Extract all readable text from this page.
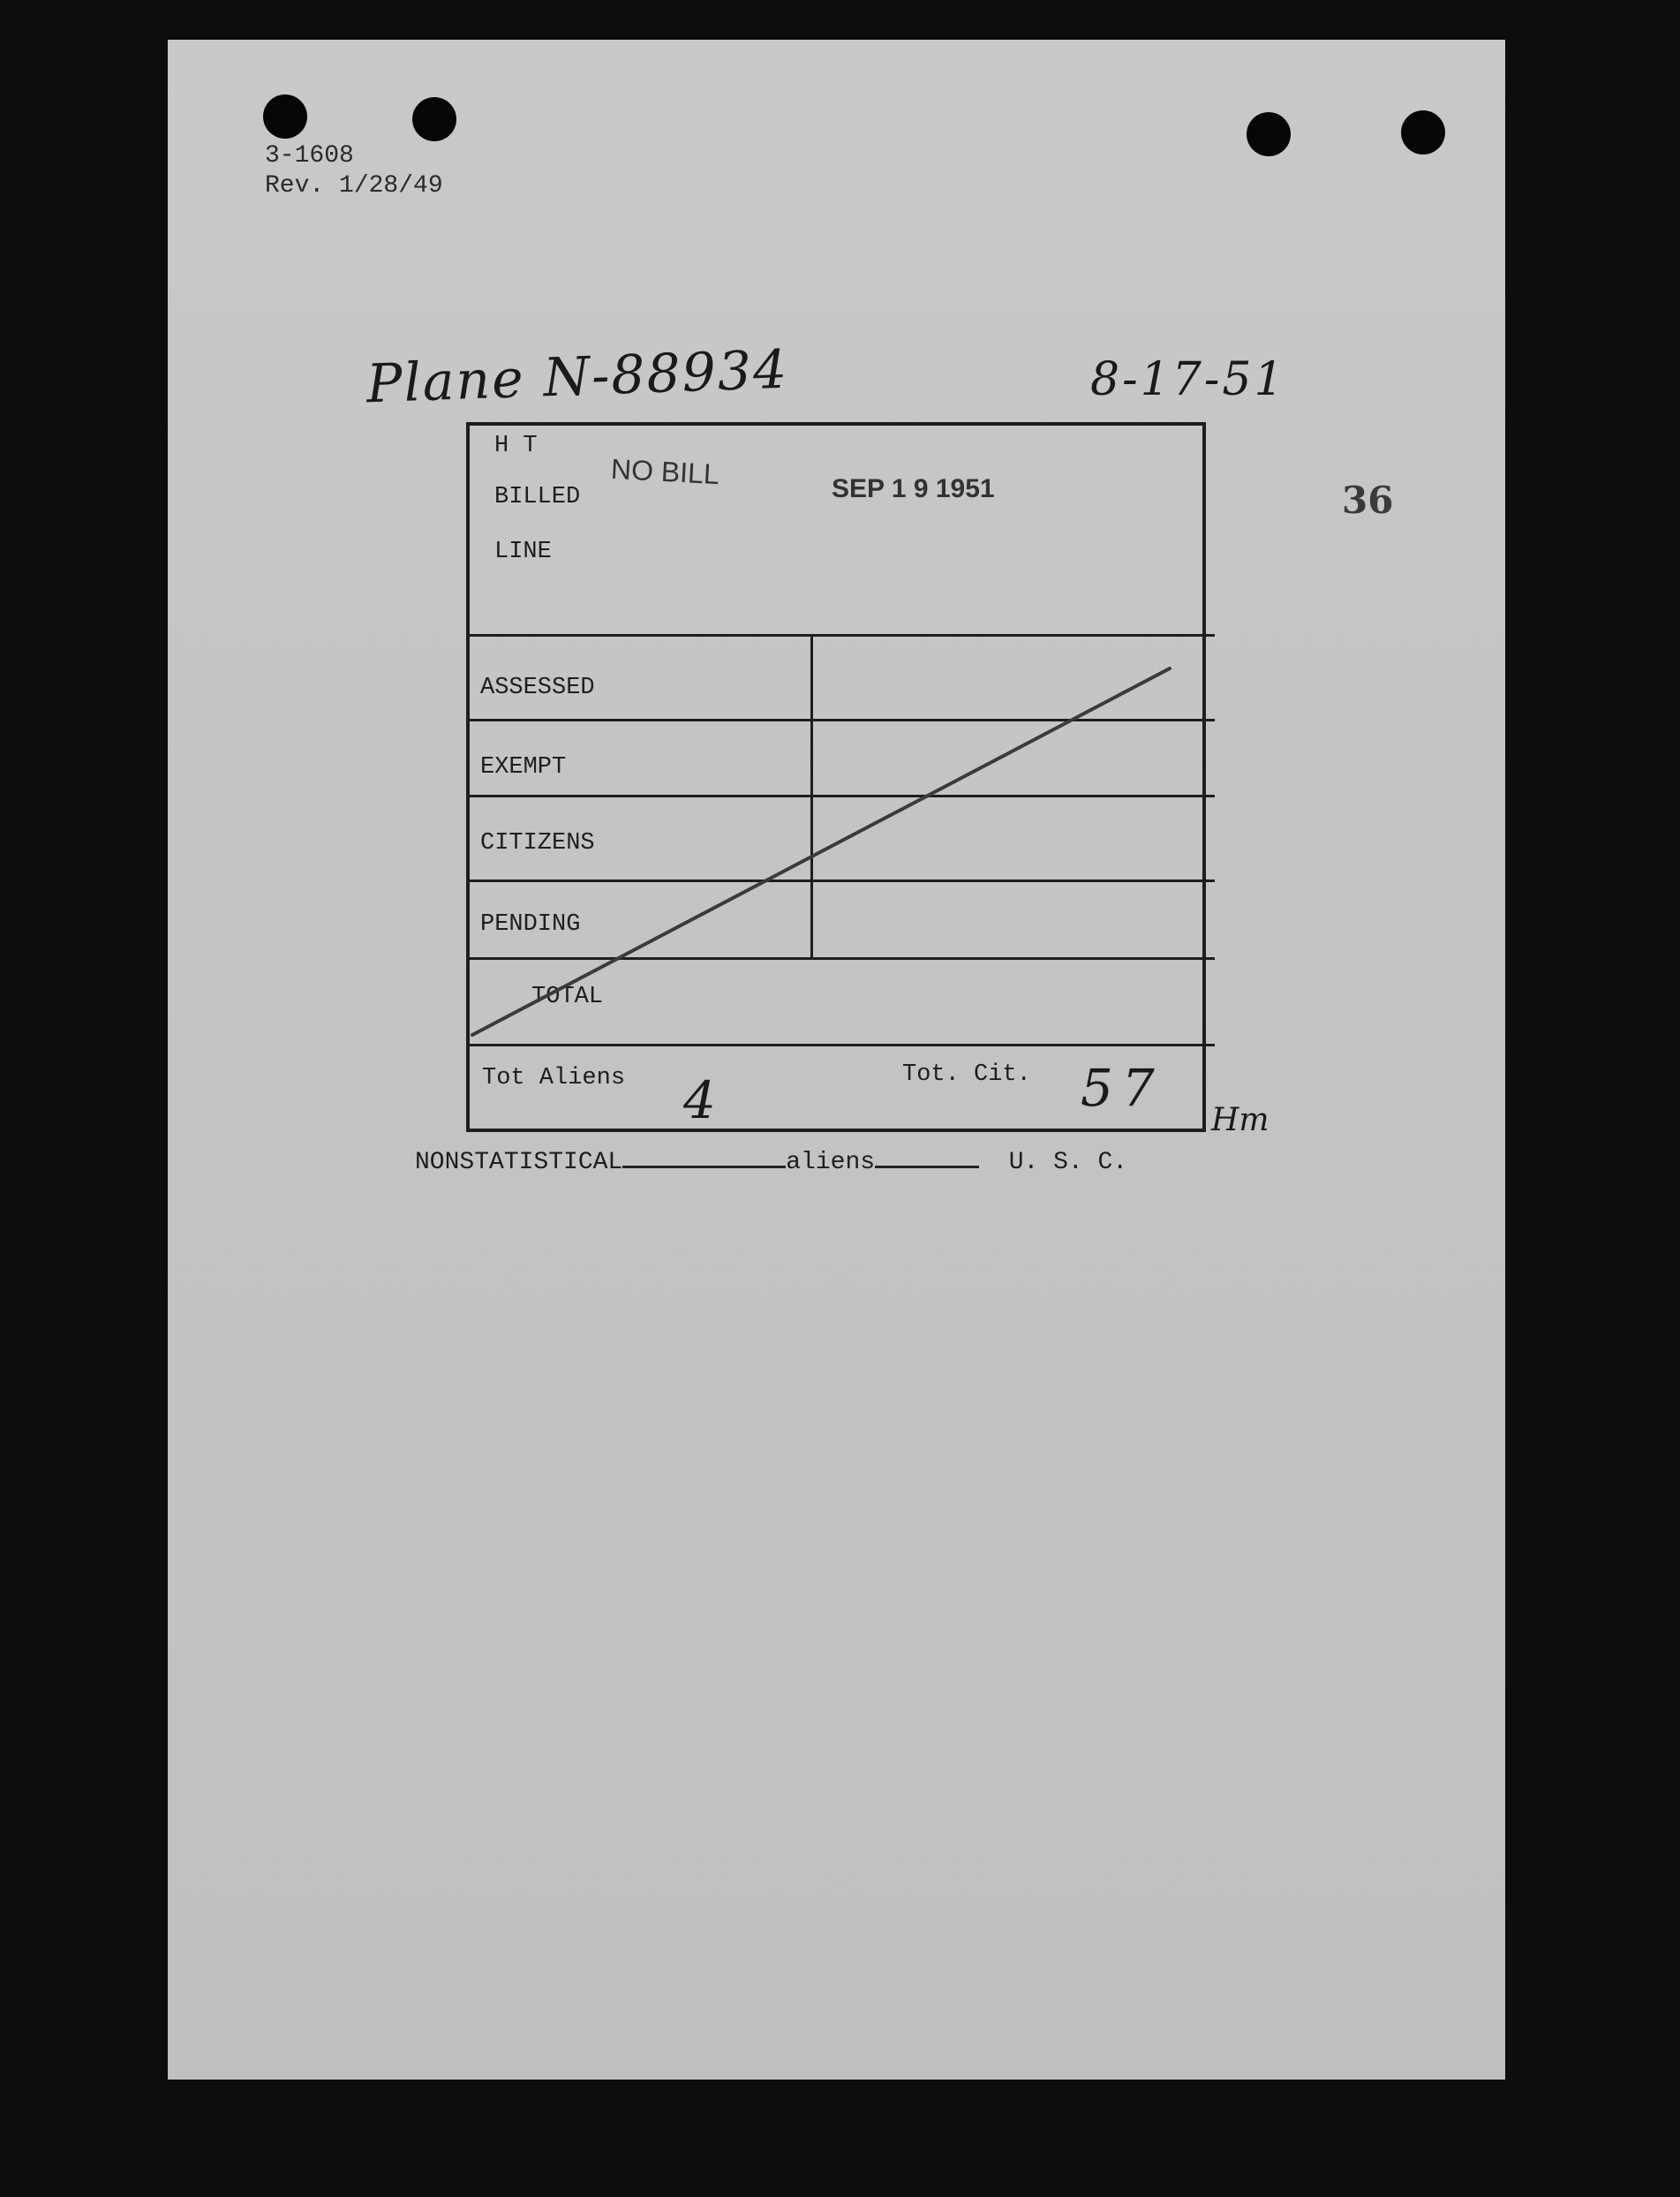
3-1608
Rev. 1/28/49
Plane N-88934	8-17-51
36
H T
BILLED
LINE
NO BILL	SEP 1 9 1951
ASSESSED
EXEMPT
CITIZENS
PENDING
TOTAL
Tot Aliens 4	Tot. Cit. 57
Hm
NONSTATISTICAL	aliens	U. S. C.
